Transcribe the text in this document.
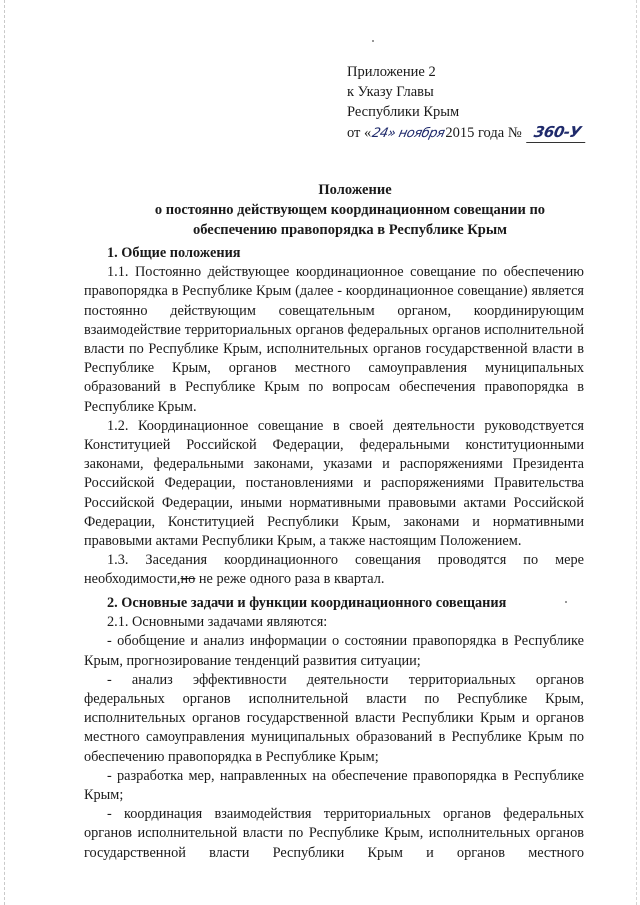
Приложение 2
к Указу Главы
Республики Крым
от « 24» ноября 2015 года № 360-У
Положение
о постоянно действующем координационном совещании по
обеспечению правопорядка в Республике Крым
1. Общие положения
1.1. Постоянно действующее координационное совещание по обеспечению правопорядка в Республике Крым (далее - координационное совещание) является постоянно действующим совещательным органом, координирующим взаимодействие территориальных органов федеральных органов исполнительной власти по Республике Крым, исполнительных органов государственной власти в Республике Крым, органов местного самоуправления муниципальных образований в Республике Крым по вопросам обеспечения правопорядка в Республике Крым.
1.2. Координационное совещание в своей деятельности руководствуется Конституцией Российской Федерации, федеральными конституционными законами, федеральными законами, указами и распоряжениями Президента Российской Федерации, постановлениями и распоряжениями Правительства Российской Федерации, иными нормативными правовыми актами Российской Федерации, Конституцией Республики Крым, законами и нормативными правовыми актами Республики Крым, а также настоящим Положением.
1.3. Заседания координационного совещания проводятся по мере необходимости,но не реже одного раза в квартал.
2. Основные задачи и функции координационного совещания
2.1. Основными задачами являются:
- обобщение и анализ информации о состоянии правопорядка в Республике Крым, прогнозирование тенденций развития ситуации;
- анализ эффективности деятельности территориальных органов федеральных органов исполнительной власти по Республике Крым, исполнительных органов государственной власти Республики Крым и органов местного самоуправления муниципальных образований в Республике Крым по обеспечению правопорядка в Республике Крым;
- разработка мер, направленных на обеспечение правопорядка в Республике Крым;
- координация взаимодействия территориальных органов федеральных органов исполнительной власти по Республике Крым, исполнительных органов государственной власти Республики Крым и органов местного
